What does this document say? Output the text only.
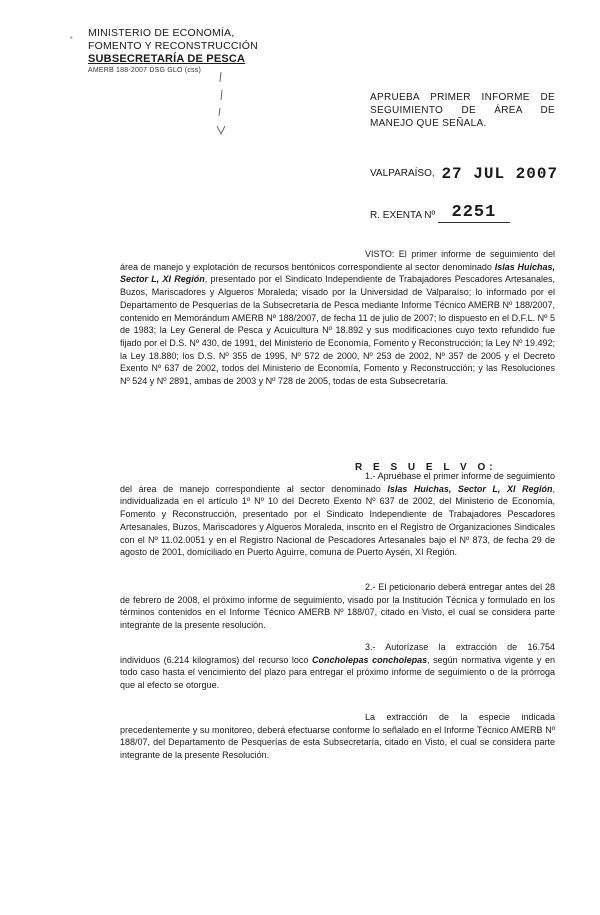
˚
MINISTERIO DE ECONOMÍA,
FOMENTO Y RECONSTRUCCIÓN
SUBSECRETARÍA DE PESCA
AMERB 188-2007 DSG GLO (css)
APRUEBA PRIMER INFORME DE SEGUIMIENTO DE ÁREA DE MANEJO QUE SEÑALA.
VALPARAÍSO, 27 JUL 2007
R. EXENTA Nº 2251
VISTO: El primer informe de seguimiento del área de manejo y explotación de recursos bentónicos correspondiente al sector denominado Islas Huichas, Sector L, XI Región, presentado por el Sindicato Independiente de Trabajadores Pescadores Artesanales, Buzos, Mariscadores y Algueros Moraleda; visado por la Universidad de Valparaíso; lo informado por el Departamento de Pesquerías de la Subsecretaría de Pesca mediante Informe Técnico AMERB Nº 188/2007, contenido en Memorándum AMERB Nº 188/2007, de fecha 11 de julio de 2007; lo dispuesto en el D.F.L. Nº 5 de 1983; la Ley General de Pesca y Acuicultura Nº 18.892 y sus modificaciones cuyo texto refundido fue fijado por el D.S. Nº 430, de 1991, del Ministerio de Economía, Fomento y Reconstrucción; la Ley Nº 19.492; la Ley 18.880; los D.S. Nº 355 de 1995, Nº 572 de 2000, Nº 253 de 2002, Nº 357 de 2005 y el Decreto Exento Nº 637 de 2002, todos del Ministerio de Economía, Fomento y Reconstrucción; y las Resoluciones Nº 524 y Nº 2891, ambas de 2003 y Nº 728 de 2005, todas de esta Subsecretaría.
R E S U E L V O:
1.- Apruébase el primer informe de seguimiento del área de manejo correspondiente al sector denominado Islas Huichas, Sector L, XI Región, individualizada en el artículo 1º Nº 10 del Decreto Exento Nº 637 de 2002, del Ministerio de Economía, Fomento y Reconstrucción, presentado por el Sindicato Independiente de Trabajadores Pescadores Artesanales, Buzos, Mariscadores y Algueros Moraleda, inscrito en el Registro de Organizaciones Sindicales con el Nº 11.02.0051 y en el Registro Nacional de Pescadores Artesanales bajo el Nº 873, de fecha 29 de agosto de 2001, domiciliado en Puerto Aguirre, comuna de Puerto Aysén, XI Región.
2.- El peticionario deberá entregar antes del 28 de febrero de 2008, el próximo informe de seguimiento, visado por la Institución Técnica y formulado en los términos contenidos en el Informe Técnico AMERB Nº 188/07, citado en Visto, el cual se considera parte integrante de la presente resolución.
3.- Autorízase la extracción de 16.754 individuos (6.214 kilogramos) del recurso loco Concholepas concholepas, según normativa vigente y en todo caso hasta el vencimiento del plazo para entregar el próximo informe de seguimiento o de la prórroga que al efecto se otorgue.
La extracción de la especie indicada precedentemente y su monitoreo, deberá efectuarse conforme lo señalado en el Informe Técnico AMERB Nº 188/07, del Departamento de Pesquerías de esta Subsecretaría, citado en Visto, el cual se considera parte integrante de la presente Resolución.
